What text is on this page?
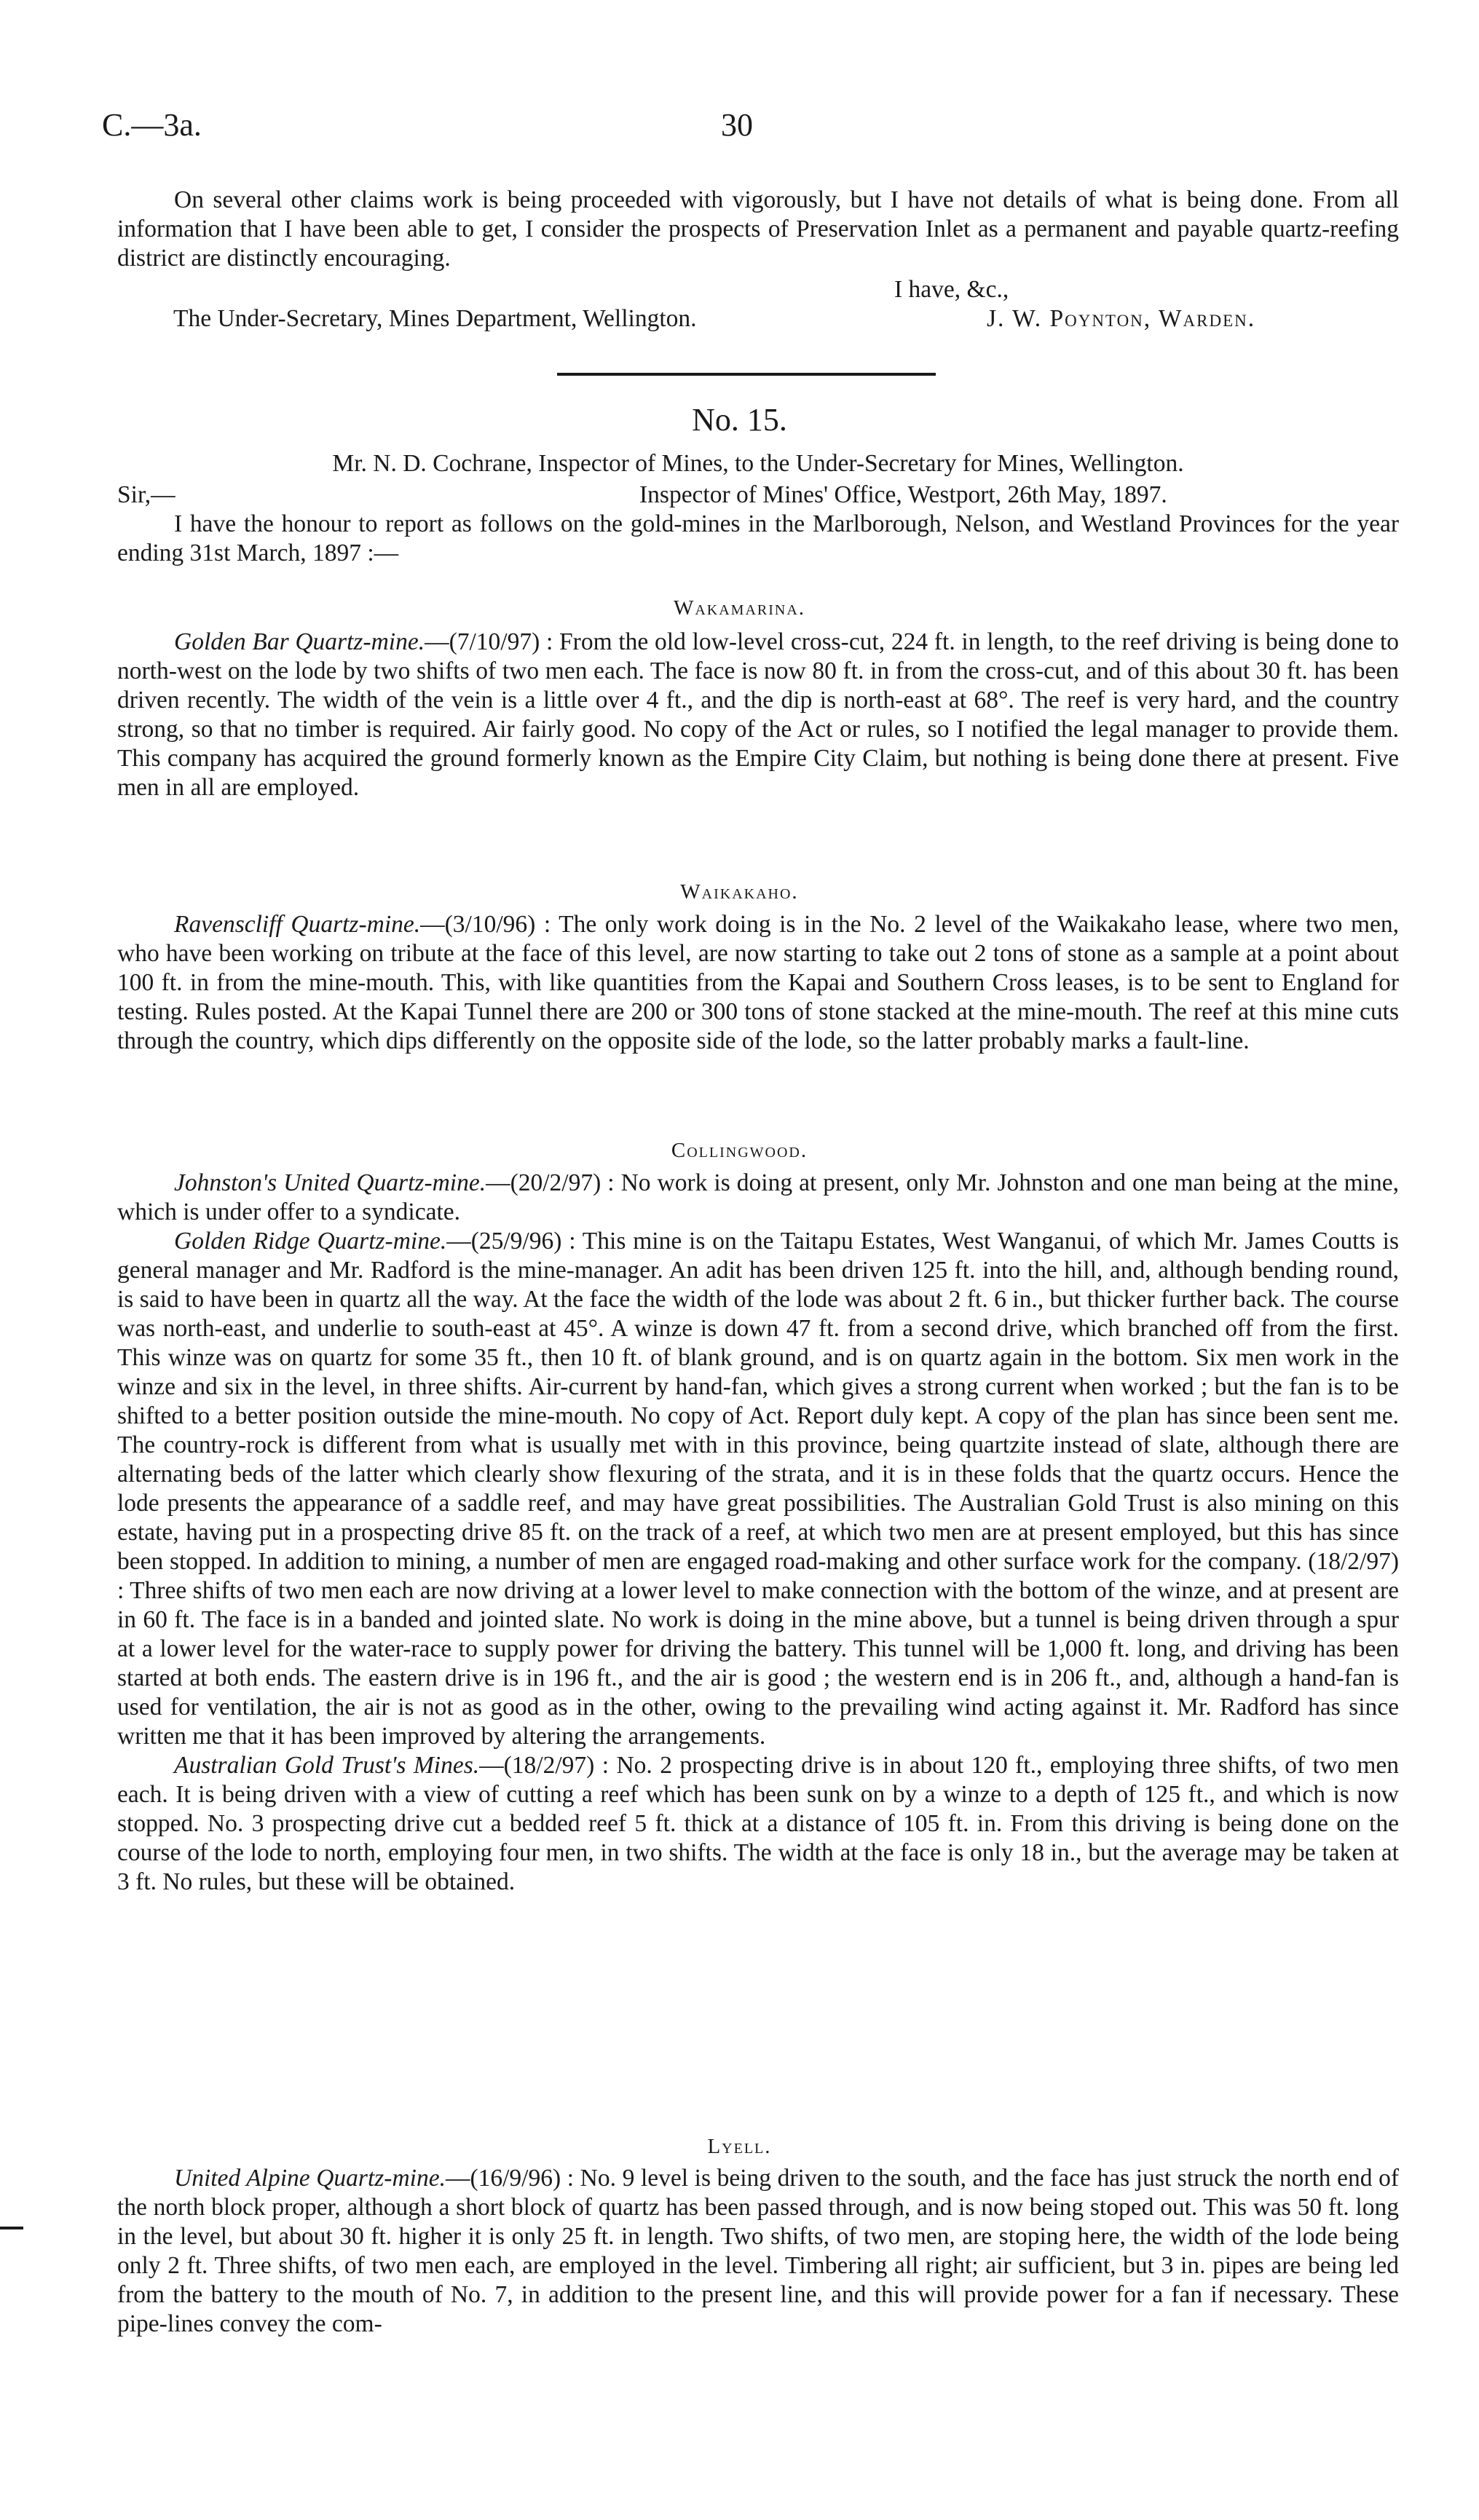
C.—3a.	30

On several other claims work is being proceeded with vigorously, but I have not details of what is being done. From all information that I have been able to get, I consider the prospects of Preservation Inlet as a permanent and payable quartz-reefing district are distinctly encouraging.

I have, &c.,
The Under-Secretary, Mines Department, Wellington.	J. W. Poynton, Warden.
No. 15.
Mr. N. D. Cochrane, Inspector of Mines, to the Under-Secretary for Mines, Wellington.
Sir,—	Inspector of Mines' Office, Westport, 26th May, 1897.

I have the honour to report as follows on the gold-mines in the Marlborough, Nelson, and Westland Provinces for the year ending 31st March, 1897 :—

Wakamarina.

Golden Bar Quartz-mine.—(7/10/97) : From the old low-level cross-cut, 224 ft. in length, to the reef driving is being done to north-west on the lode by two shifts of two men each. The face is now 80 ft. in from the cross-cut, and of this about 30 ft. has been driven recently. The width of the vein is a little over 4 ft., and the dip is north-east at 68°. The reef is very hard, and the country strong, so that no timber is required. Air fairly good. No copy of the Act or rules, so I notified the legal manager to provide them. This company has acquired the ground formerly known as the Empire City Claim, but nothing is being done there at present. Five men in all are employed.

Waikakaho.

Ravenscliff Quartz-mine.—(3/10/96) : The only work doing is in the No. 2 level of the Waikakaho lease, where two men, who have been working on tribute at the face of this level, are now starting to take out 2 tons of stone as a sample at a point about 100 ft. in from the mine-mouth. This, with like quantities from the Kapai and Southern Cross leases, is to be sent to England for testing. Rules posted. At the Kapai Tunnel there are 200 or 300 tons of stone stacked at the mine-mouth. The reef at this mine cuts through the country, which dips differently on the opposite side of the lode, so the latter probably marks a fault-line.

Collingwood.

Johnston's United Quartz-mine.—(20/2/97) : No work is doing at present, only Mr. Johnston and one man being at the mine, which is under offer to a syndicate.

Golden Ridge Quartz-mine.—(25/9/96) : This mine is on the Taitapu Estates, West Wanganui, of which Mr. James Coutts is general manager and Mr. Radford is the mine-manager. An adit has been driven 125 ft. into the hill, and, although bending round, is said to have been in quartz all the way. At the face the width of the lode was about 2 ft. 6 in., but thicker further back. The course was north-east, and underlie to south-east at 45°. A winze is down 47 ft. from a second drive, which branched off from the first. This winze was on quartz for some 35 ft., then 10 ft. of blank ground, and is on quartz again in the bottom. Six men work in the winze and six in the level, in three shifts. Air-current by hand-fan, which gives a strong current when worked ; but the fan is to be shifted to a better position outside the mine-mouth. No copy of Act. Report duly kept. A copy of the plan has since been sent me. The country-rock is different from what is usually met with in this province, being quartzite instead of slate, although there are alternating beds of the latter which clearly show flexuring of the strata, and it is in these folds that the quartz occurs. Hence the lode presents the appearance of a saddle reef, and may have great possibilities. The Australian Gold Trust is also mining on this estate, having put in a prospecting drive 85 ft. on the track of a reef, at which two men are at present employed, but this has since been stopped. In addition to mining, a number of men are engaged road-making and other surface work for the company. (18/2/97) : Three shifts of two men each are now driving at a lower level to make connection with the bottom of the winze, and at present are in 60 ft. The face is in a banded and jointed slate. No work is doing in the mine above, but a tunnel is being driven through a spur at a lower level for the water-race to supply power for driving the battery. This tunnel will be 1,000 ft. long, and driving has been started at both ends. The eastern drive is in 196 ft., and the air is good ; the western end is in 206 ft., and, although a hand-fan is used for ventilation, the air is not as good as in the other, owing to the prevailing wind acting against it. Mr. Radford has since written me that it has been improved by altering the arrangements.

Australian Gold Trust's Mines.—(18/2/97) : No. 2 prospecting drive is in about 120 ft., employing three shifts, of two men each. It is being driven with a view of cutting a reef which has been sunk on by a winze to a depth of 125 ft., and which is now stopped. No. 3 prospecting drive cut a bedded reef 5 ft. thick at a distance of 105 ft. in. From this driving is being done on the course of the lode to north, employing four men, in two shifts. The width at the face is only 18 in., but the average may be taken at 3 ft. No rules, but these will be obtained.

Lyell.

United Alpine Quartz-mine.—(16/9/96) : No. 9 level is being driven to the south, and the face has just struck the north end of the north block proper, although a short block of quartz has been passed through, and is now being stoped out. This was 50 ft. long in the level, but about 30 ft. higher it is only 25 ft. in length. Two shifts, of two men, are stoping here, the width of the lode being only 2 ft. Three shifts, of two men each, are employed in the level. Timbering all right; air sufficient, but 3 in. pipes are being led from the battery to the mouth of No. 7, in addition to the present line, and this will provide power for a fan if necessary. These pipe-lines convey the com-
